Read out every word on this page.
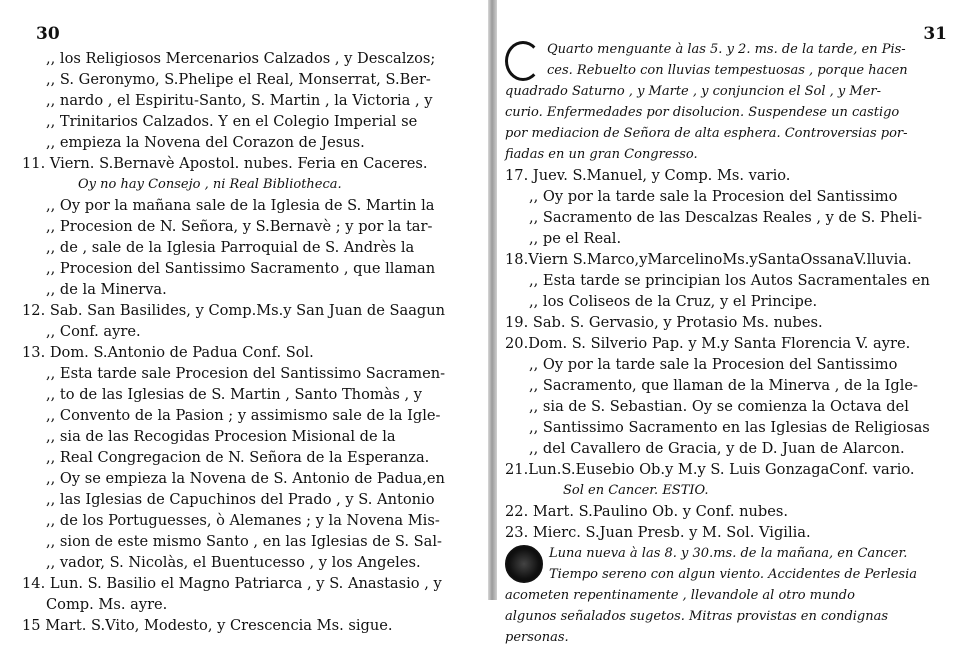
30
,, los Religiosos Mercenarios Calzados , y Descalzos;
,, S. Geronymo, S.Phelipe el Real, Monserrat, S.Ber-
,, nardo , el Espiritu-Santo, S. Martin , la Victoria , y
,, Trinitarios Calzados. Y en el Colegio Imperial se
,, empieza la Novena del Corazon de Jesus.
11. Viern. S.Bernavè Apostol. nubes. Feria en Caceres.
Oy no hay Consejo , ni Real Bibliotheca.
,, Oy por la mañana sale de la Iglesia de S. Martin la
,, Procesion de N. Señora, y S.Bernavè ; y por la tar-
,, de , sale de la Iglesia Parroquial de S. Andrès la
,, Procesion del Santissimo Sacramento , que llaman
,, de la Minerva.
12. Sab. San Basilides, y Comp.Ms.y San Juan de Saagun
,, Conf. ayre.
13. Dom. S.Antonio de Padua Conf. Sol.
,, Esta tarde sale Procesion del Santissimo Sacramen-
,, to de las Iglesias de S. Martin , Santo Thomàs , y
,, Convento de la Pasion ; y assimismo sale de la Igle-
,, sia de las Recogidas Procesion Misional de la
,, Real Congregacion de N. Señora de la Esperanza.
,, Oy se empieza la Novena de S. Antonio de Padua,en
,, las Iglesias de Capuchinos del Prado , y S. Antonio
,, de los Portuguesses, ò Alemanes ; y la Novena Mis-
,, sion de este mismo Santo , en las Iglesias de S. Sal-
,, vador, S. Nicolàs, el Buentucesso , y los Angeles.
14. Lun. S. Basilio el Magno Patriarca , y S. Anastasio , y
Comp. Ms. ayre.
15 Mart. S.Vito, Modesto, y Crescencia Ms. sigue.
31
Quarto menguante à las 5. y 2. ms. de la tarde, en Pis-
ces. Rebuelto con lluvias tempestuosas , porque hacen
quadrado Saturno , y Marte , y conjuncion el Sol , y Mer-
curio. Enfermedades por disolucion. Suspendese un castigo
por mediacion de Señora de alta esphera. Controversias por-
fiadas en un gran Congresso.
17. Juev. S.Manuel, y Comp. Ms. vario.
,, Oy por la tarde sale la Procesion del Santissimo
,, Sacramento de las Descalzas Reales , y de S. Pheli-
,, pe el Real.
18.Viern S.Marco,yMarcelinoMs.ySantaOssanaV.lluvia.
,, Esta tarde se principian los Autos Sacramentales en
,, los Coliseos de la Cruz, y el Principe.
19. Sab. S. Gervasio, y Protasio Ms. nubes.
20.Dom. S. Silverio Pap. y M.y Santa Florencia V. ayre.
,, Oy por la tarde sale la Procesion del Santissimo
,, Sacramento, que llaman de la Minerva , de la Igle-
,, sia de S. Sebastian. Oy se comienza la Octava del
,, Santissimo Sacramento en las Iglesias de Religiosas
,, del Cavallero de Gracia, y de D. Juan de Alarcon.
21.Lun.S.Eusebio Ob.y M.y S. Luis GonzagaConf. vario.
Sol en Cancer. ESTIO.
22. Mart. S.Paulino Ob. y Conf. nubes.
23. Mierc. S.Juan Presb. y M. Sol. Vigilia.
Luna nueva à las 8. y 30.ms. de la mañana, en Cancer.
Tiempo sereno con algun viento. Accidentes de Perlesia
acometen repentinamente , llevandole al otro mundo
algunos señalados sugetos. Mitras provistas en condignas
personas.
